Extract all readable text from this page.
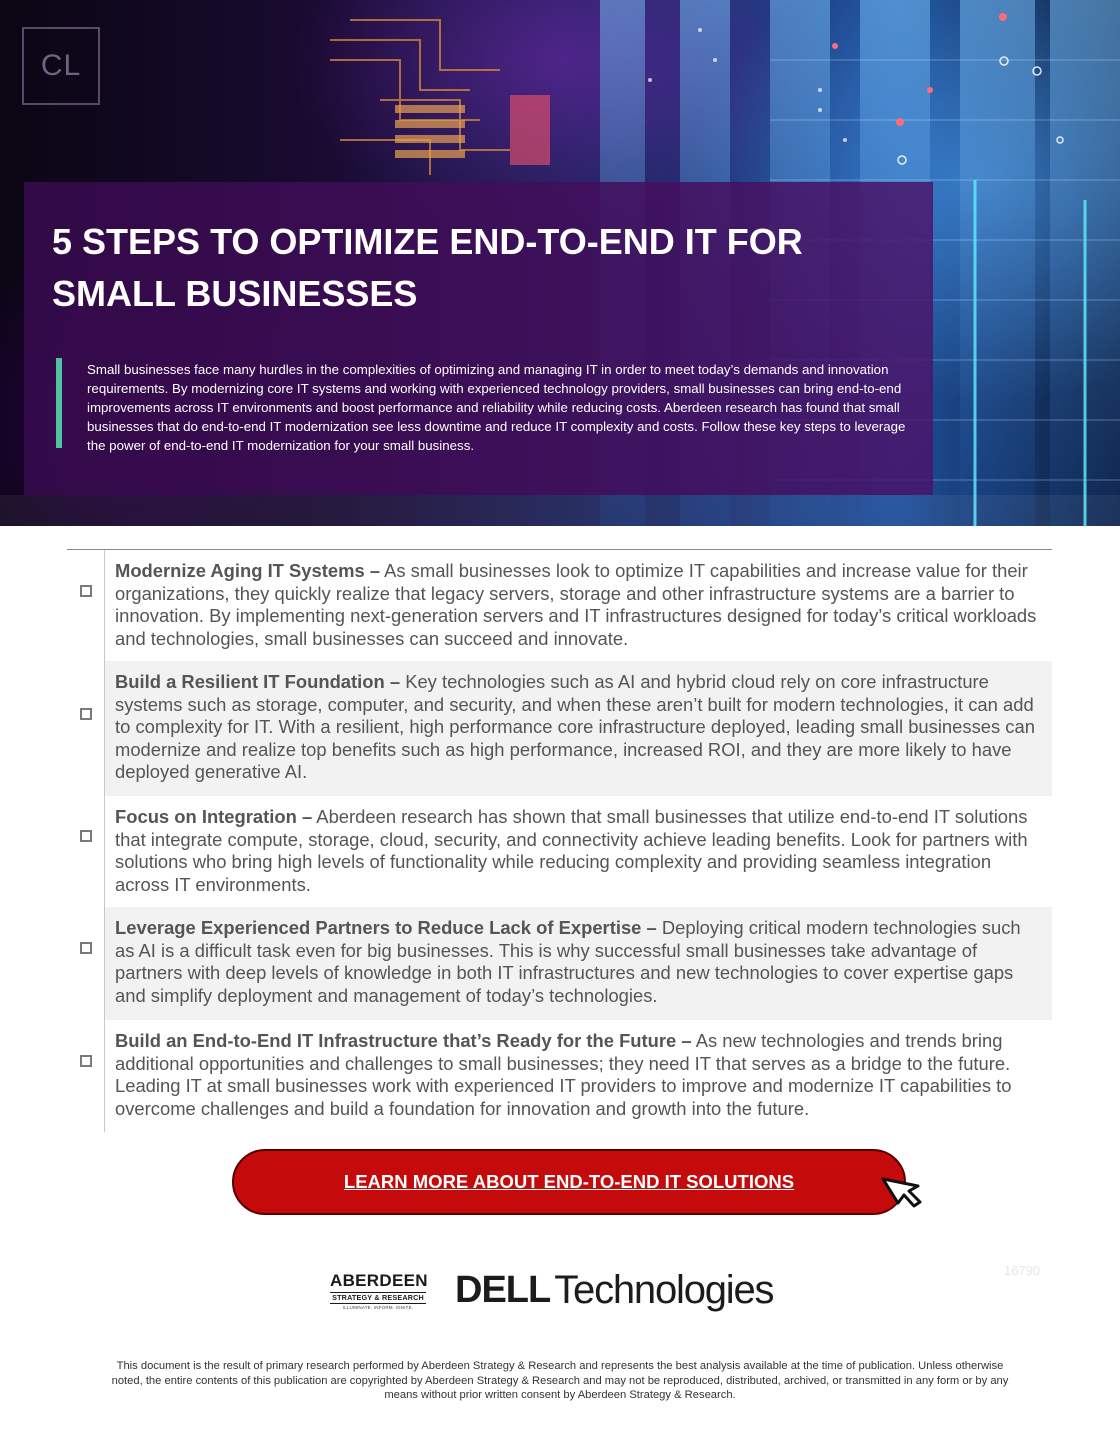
CL
5 STEPS TO OPTIMIZE END-TO-END IT FOR SMALL BUSINESSES

Small businesses face many hurdles in the complexities of optimizing and managing IT in order to meet today’s demands and innovation requirements. By modernizing core IT systems and working with experienced technology providers, small businesses can bring end-to-end improvements across IT environments and boost performance and reliability while reducing costs. Aberdeen research has found that small businesses that do end-to-end IT modernization see less downtime and reduce IT complexity and costs. Follow these key steps to leverage the power of end-to-end IT modernization for your small business.

Modernize Aging IT Systems – As small businesses look to optimize IT capabilities and increase value for their organizations, they quickly realize that legacy servers, storage and other infrastructure systems are a barrier to innovation. By implementing next-generation servers and IT infrastructures designed for today’s critical workloads and technologies, small businesses can succeed and innovate.
Build a Resilient IT Foundation – Key technologies such as AI and hybrid cloud rely on core infrastructure systems such as storage, computer, and security, and when these aren’t built for modern technologies, it can add to complexity for IT. With a resilient, high performance core infrastructure deployed, leading small businesses can modernize and realize top benefits such as high performance, increased ROI, and they are more likely to have deployed generative AI.
Focus on Integration – Aberdeen research has shown that small businesses that utilize end-to-end IT solutions that integrate compute, storage, cloud, security, and connectivity achieve leading benefits. Look for partners with solutions who bring high levels of functionality while reducing complexity and providing seamless integration across IT environments.
Leverage Experienced Partners to Reduce Lack of Expertise – Deploying critical modern technologies such as AI is a difficult task even for big businesses. This is why successful small businesses take advantage of partners with deep levels of knowledge in both IT infrastructures and new technologies to cover expertise gaps and simplify deployment and management of today’s technologies.
Build an End-to-End IT Infrastructure that’s Ready for the Future – As new technologies and trends bring additional opportunities and challenges to small businesses; they need IT that serves as a bridge to the future. Leading IT at small businesses work with experienced IT providers to improve and modernize IT capabilities to overcome challenges and build a foundation for innovation and growth into the future.
LEARN MORE ABOUT END-TO-END IT SOLUTIONS
16790
ABERDEEN
STRATEGY & RESEARCH
ILLUMINATE. INFORM. IGNITE.	DELL Technologies

This document is the result of primary research performed by Aberdeen Strategy & Research and represents the best analysis available at the time of publication. Unless otherwise noted, the entire contents of this publication are copyrighted by Aberdeen Strategy & Research and may not be reproduced, distributed, archived, or transmitted in any form or by any means without prior written consent by Aberdeen Strategy & Research.
